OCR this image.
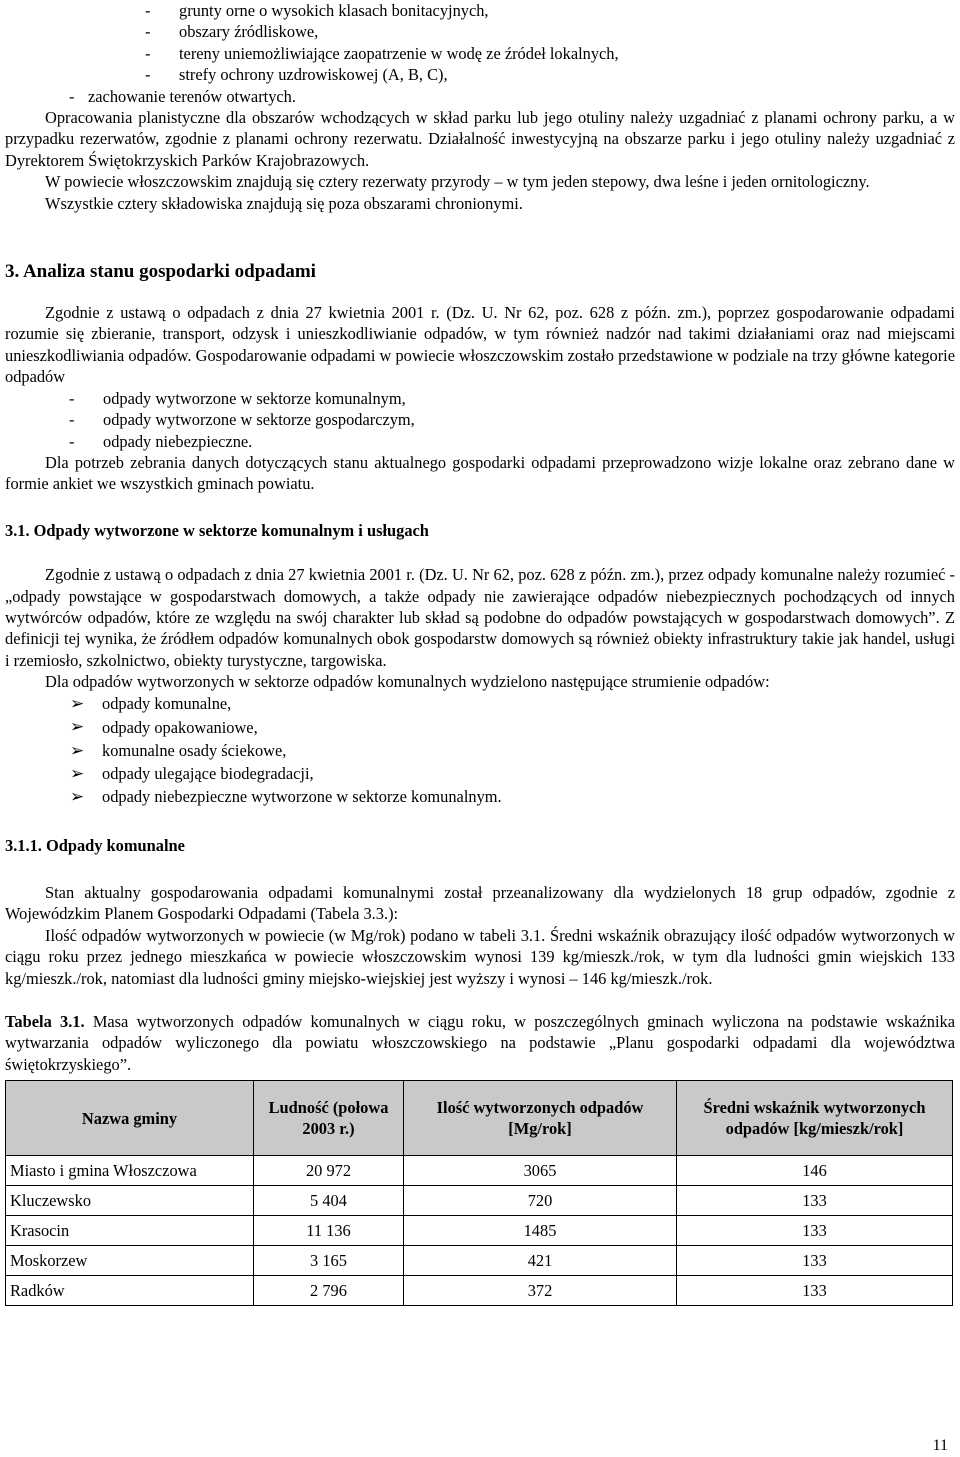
-	grunty orne o wysokich klasach bonitacyjnych,
-	obszary źródliskowe,
-	tereny uniemożliwiające zaopatrzenie w wodę ze źródeł lokalnych,
-	strefy ochrony uzdrowiskowej (A, B, C),
- zachowanie terenów otwartych.

Opracowania planistyczne dla obszarów wchodzących w skład parku lub jego otuliny należy uzgadniać z planami ochrony parku, a w przypadku rezerwatów, zgodnie z planami ochrony rezerwatu. Działalność inwestycyjną na obszarze parku i jego otuliny należy uzgadniać z Dyrektorem Świętokrzyskich Parków Krajobrazowych.

W powiecie włoszczowskim znajdują się cztery rezerwaty przyrody – w tym jeden stepowy, dwa leśne i jeden ornitologiczny.

Wszystkie cztery składowiska znajdują się poza obszarami chronionymi.

3. Analiza stanu gospodarki odpadami

Zgodnie z ustawą o odpadach z dnia 27 kwietnia 2001 r. (Dz. U. Nr 62, poz. 628 z późn. zm.), poprzez gospodarowanie odpadami rozumie się zbieranie, transport, odzysk i unieszkodliwianie odpadów, w tym również nadzór nad takimi działaniami oraz nad miejscami unieszkodliwiania odpadów. Gospodarowanie odpadami w powiecie włoszczowskim zostało przedstawione w podziale na trzy główne kategorie odpadów

-	odpady wytworzone w sektorze komunalnym,
-	odpady wytworzone w sektorze gospodarczym,
-	odpady niebezpieczne.

Dla potrzeb zebrania danych dotyczących stanu aktualnego gospodarki odpadami przeprowadzono wizje lokalne oraz zebrano dane w formie ankiet we wszystkich gminach powiatu.

3.1. Odpady wytworzone w sektorze komunalnym i usługach

Zgodnie z ustawą o odpadach z dnia 27 kwietnia 2001 r. (Dz. U. Nr 62, poz. 628 z późn. zm.), przez odpady komunalne należy rozumieć - „odpady powstające w gospodarstwach domowych, a także odpady nie zawierające odpadów niebezpiecznych pochodzących od innych wytwórców odpadów, które ze względu na swój charakter lub skład są podobne do odpadów powstających w gospodarstwach domowych”. Z definicji tej wynika, że źródłem odpadów komunalnych obok gospodarstw domowych są również obiekty infrastruktury takie jak handel, usługi i rzemiosło, szkolnictwo, obiekty turystyczne, targowiska.

Dla odpadów wytworzonych w sektorze odpadów komunalnych wydzielono następujące strumienie odpadów:

➢	odpady komunalne,
➢	odpady opakowaniowe,
➢	komunalne osady ściekowe,
➢	odpady ulegające biodegradacji,
➢	odpady niebezpieczne wytworzone w sektorze komunalnym.
3.1.1. Odpady komunalne

Stan aktualny gospodarowania odpadami komunalnymi został przeanalizowany dla wydzielonych 18 grup odpadów, zgodnie z Wojewódzkim Planem Gospodarki Odpadami (Tabela 3.3.):

Ilość odpadów wytworzonych w powiecie (w Mg/rok) podano w tabeli 3.1. Średni wskaźnik obrazujący ilość odpadów wytworzonych w ciągu roku przez jednego mieszkańca w powiecie włoszczowskim wynosi 139 kg/mieszk./rok, w tym dla ludności gmin wiejskich 133 kg/mieszk./rok, natomiast dla ludności gminy miejsko-wiejskiej jest wyższy i wynosi – 146 kg/mieszk./rok.

Tabela 3.1. Masa wytworzonych odpadów komunalnych w ciągu roku, w poszczególnych gminach wyliczona na podstawie wskaźnika wytwarzania odpadów wyliczonego dla powiatu włoszczowskiego na podstawie „Planu gospodarki odpadami dla województwa świętokrzyskiego”.

Nazwa gminy	Ludność (połowa 2003 r.)	Ilość wytworzonych odpadów [Mg/rok]	Średni wskaźnik wytworzonych odpadów [kg/mieszk/rok]
Miasto i gmina Włoszczowa	20 972	3065	146
Kluczewsko	5 404	720	133
Krasocin	11 136	1485	133
Moskorzew	3 165	421	133
Radków	2 796	372	133
11
